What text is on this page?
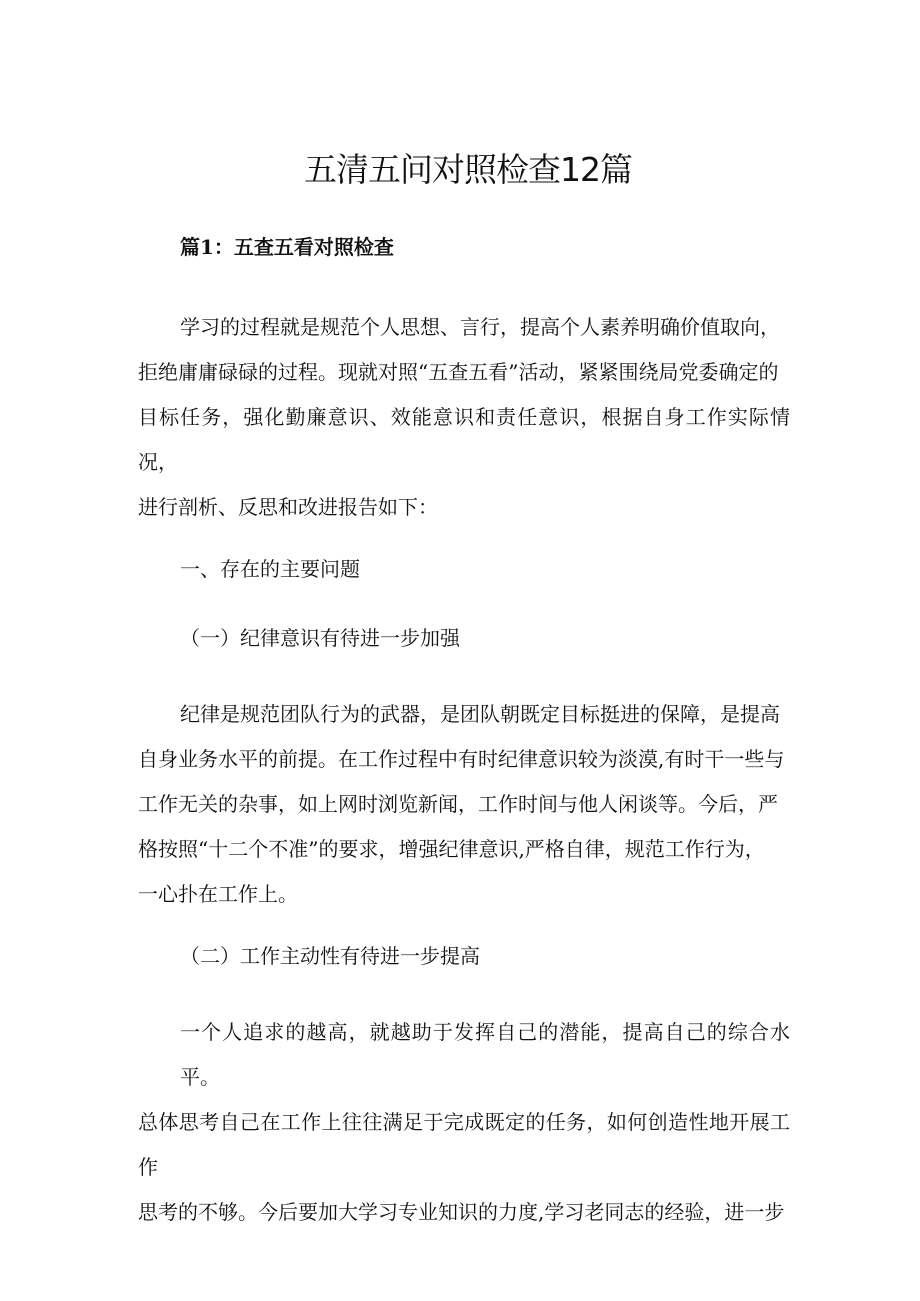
五清五问对照检查12篇
篇1：五查五看对照检查
学习的过程就是规范个人思想、言行，提高个人素养明确价值取向，
拒绝庸庸碌碌的过程。现就对照“五查五看”活动，紧紧围绕局党委确定的
目标任务，强化勤廉意识、效能意识和责任意识，根据自身工作实际情况，
进行剖析、反思和改进报告如下：
一、存在的主要问题
（一）纪律意识有待进一步加强
纪律是规范团队行为的武器，是团队朝既定目标挺进的保障，是提高
自身业务水平的前提。在工作过程中有时纪律意识较为淡漠,有时干一些与
工作无关的杂事，如上网时浏览新闻，工作时间与他人闲谈等。今后，严
格按照“十二个不准”的要求，增强纪律意识,严格自律，规范工作行为，
一心扑在工作上。
（二）工作主动性有待进一步提高
一个人追求的越高，就越助于发挥自己的潜能，提高自己的综合水平。
总体思考自己在工作上往往满足于完成既定的任务，如何创造性地开展工作
思考的不够。今后要加大学习专业知识的力度,学习老同志的经验，进一步
